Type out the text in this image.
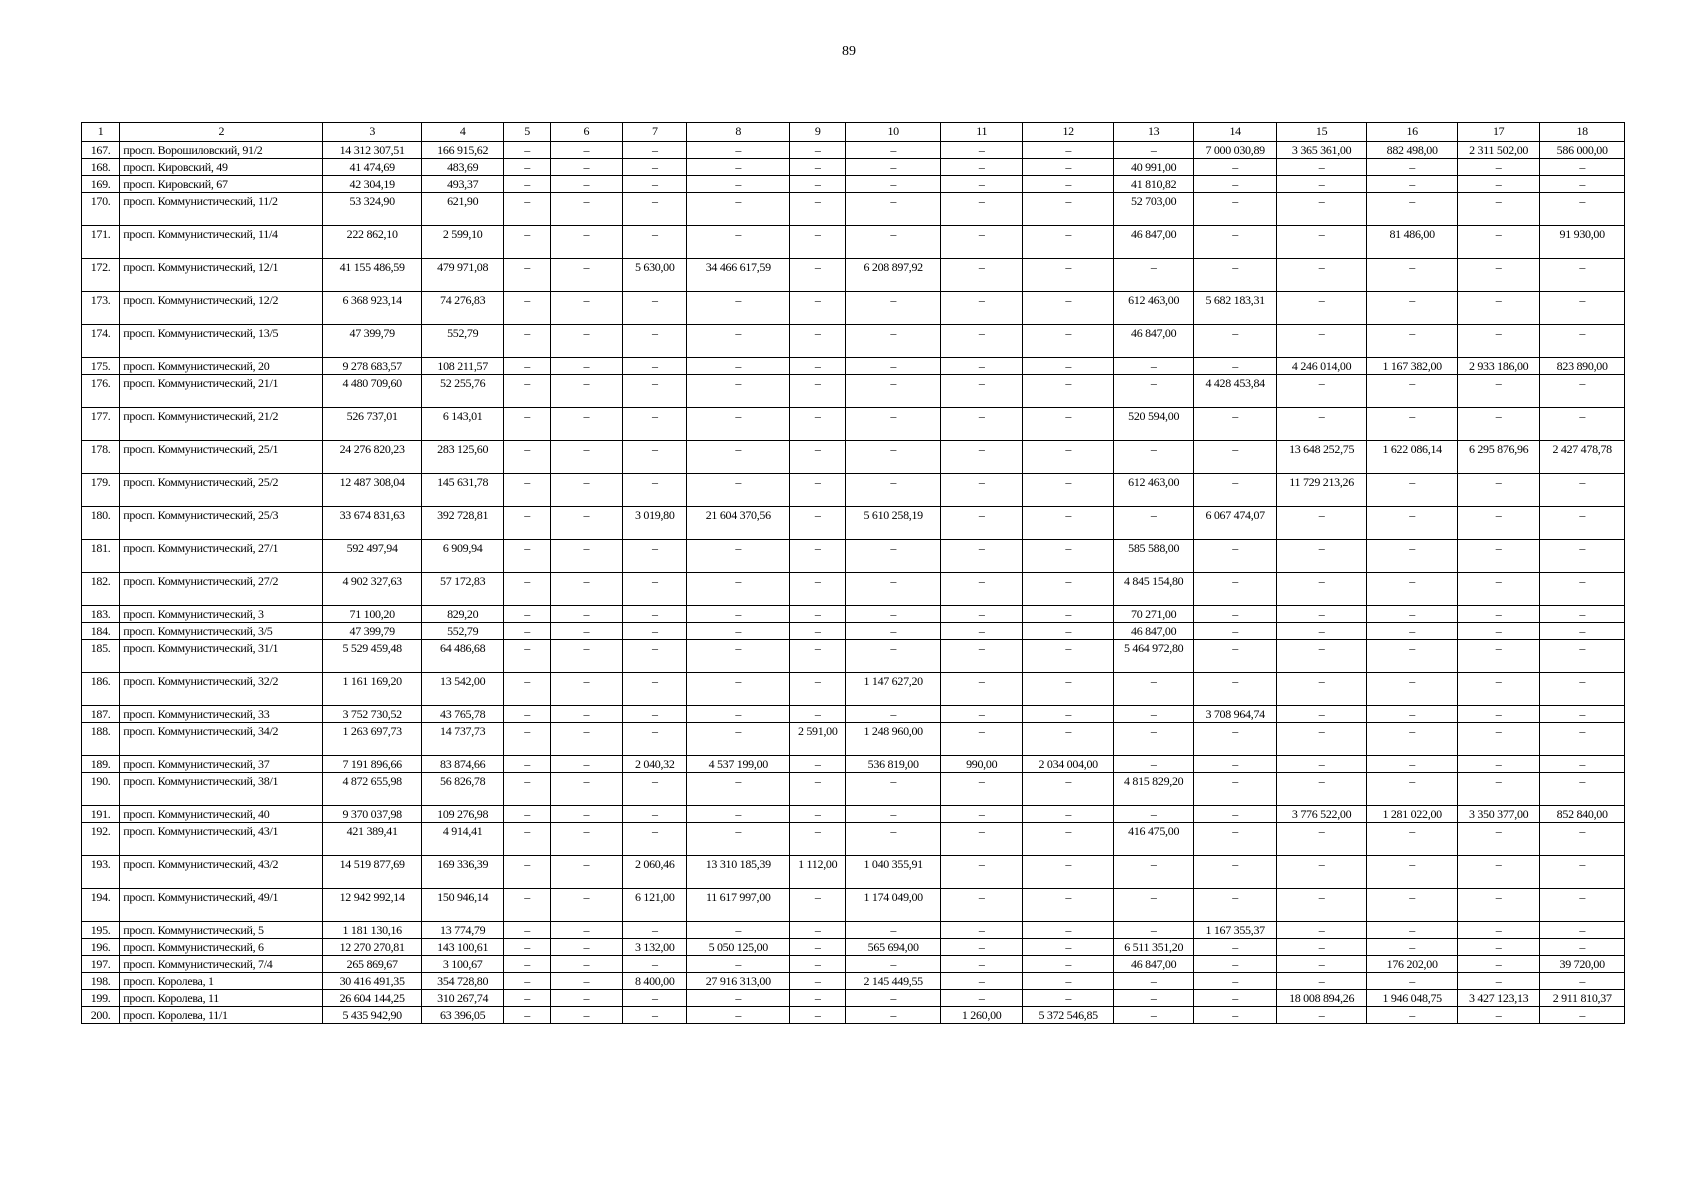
89
1	2	3	4	5	6	7	8	9	10	11	12	13	14	15	16	17	18
167.	просп. Ворошиловский, 91/2	14 312 307,51	166 915,62	–	–	–	–	–	–	–	–	–	7 000 030,89	3 365 361,00	882 498,00	2 311 502,00	586 000,00
168.	просп. Кировский, 49	41 474,69	483,69	–	–	–	–	–	–	–	–	40 991,00	–	–	–	–	–
169.	просп. Кировский, 67	42 304,19	493,37	–	–	–	–	–	–	–	–	41 810,82	–	–	–	–	–
170.	просп. Коммунистический, 11/2	53 324,90	621,90	–	–	–	–	–	–	–	–	52 703,00	–	–	–	–	–
171.	просп. Коммунистический, 11/4	222 862,10	2 599,10	–	–	–	–	–	–	–	–	46 847,00	–	–	81 486,00	–	91 930,00
172.	просп. Коммунистический, 12/1	41 155 486,59	479 971,08	–	–	5 630,00	34 466 617,59	–	6 208 897,92	–	–	–	–	–	–	–	–
173.	просп. Коммунистический, 12/2	6 368 923,14	74 276,83	–	–	–	–	–	–	–	–	612 463,00	5 682 183,31	–	–	–	–
174.	просп. Коммунистический, 13/5	47 399,79	552,79	–	–	–	–	–	–	–	–	46 847,00	–	–	–	–	–
175.	просп. Коммунистический, 20	9 278 683,57	108 211,57	–	–	–	–	–	–	–	–	–	–	4 246 014,00	1 167 382,00	2 933 186,00	823 890,00
176.	просп. Коммунистический, 21/1	4 480 709,60	52 255,76	–	–	–	–	–	–	–	–	–	4 428 453,84	–	–	–	–
177.	просп. Коммунистический, 21/2	526 737,01	6 143,01	–	–	–	–	–	–	–	–	520 594,00	–	–	–	–	–
178.	просп. Коммунистический, 25/1	24 276 820,23	283 125,60	–	–	–	–	–	–	–	–	–	–	13 648 252,75	1 622 086,14	6 295 876,96	2 427 478,78
179.	просп. Коммунистический, 25/2	12 487 308,04	145 631,78	–	–	–	–	–	–	–	–	612 463,00	–	11 729 213,26	–	–	–
180.	просп. Коммунистический, 25/3	33 674 831,63	392 728,81	–	–	3 019,80	21 604 370,56	–	5 610 258,19	–	–	–	6 067 474,07	–	–	–	–
181.	просп. Коммунистический, 27/1	592 497,94	6 909,94	–	–	–	–	–	–	–	–	585 588,00	–	–	–	–	–
182.	просп. Коммунистический, 27/2	4 902 327,63	57 172,83	–	–	–	–	–	–	–	–	4 845 154,80	–	–	–	–	–
183.	просп. Коммунистический, 3	71 100,20	829,20	–	–	–	–	–	–	–	–	70 271,00	–	–	–	–	–
184.	просп. Коммунистический, 3/5	47 399,79	552,79	–	–	–	–	–	–	–	–	46 847,00	–	–	–	–	–
185.	просп. Коммунистический, 31/1	5 529 459,48	64 486,68	–	–	–	–	–	–	–	–	5 464 972,80	–	–	–	–	–
186.	просп. Коммунистический, 32/2	1 161 169,20	13 542,00	–	–	–	–	–	1 147 627,20	–	–	–	–	–	–	–	–
187.	просп. Коммунистический, 33	3 752 730,52	43 765,78	–	–	–	–	–	–	–	–	–	3 708 964,74	–	–	–	–
188.	просп. Коммунистический, 34/2	1 263 697,73	14 737,73	–	–	–	–	2 591,00	1 248 960,00	–	–	–	–	–	–	–	–
189.	просп. Коммунистический, 37	7 191 896,66	83 874,66	–	–	2 040,32	4 537 199,00	–	536 819,00	990,00	2 034 004,00	–	–	–	–	–	–
190.	просп. Коммунистический, 38/1	4 872 655,98	56 826,78	–	–	–	–	–	–	–	–	4 815 829,20	–	–	–	–	–
191.	просп. Коммунистический, 40	9 370 037,98	109 276,98	–	–	–	–	–	–	–	–	–	–	3 776 522,00	1 281 022,00	3 350 377,00	852 840,00
192.	просп. Коммунистический, 43/1	421 389,41	4 914,41	–	–	–	–	–	–	–	–	416 475,00	–	–	–	–	–
193.	просп. Коммунистический, 43/2	14 519 877,69	169 336,39	–	–	2 060,46	13 310 185,39	1 112,00	1 040 355,91	–	–	–	–	–	–	–	–
194.	просп. Коммунистический, 49/1	12 942 992,14	150 946,14	–	–	6 121,00	11 617 997,00	–	1 174 049,00	–	–	–	–	–	–	–	–
195.	просп. Коммунистический, 5	1 181 130,16	13 774,79	–	–	–	–	–	–	–	–	–	1 167 355,37	–	–	–	–
196.	просп. Коммунистический, 6	12 270 270,81	143 100,61	–	–	3 132,00	5 050 125,00	–	565 694,00	–	–	6 511 351,20	–	–	–	–	–
197.	просп. Коммунистический, 7/4	265 869,67	3 100,67	–	–	–	–	–	–	–	–	46 847,00	–	–	176 202,00	–	39 720,00
198.	просп. Королева, 1	30 416 491,35	354 728,80	–	–	8 400,00	27 916 313,00	–	2 145 449,55	–	–	–	–	–	–	–	–
199.	просп. Королева, 11	26 604 144,25	310 267,74	–	–	–	–	–	–	–	–	–	–	18 008 894,26	1 946 048,75	3 427 123,13	2 911 810,37
200.	просп. Королева, 11/1	5 435 942,90	63 396,05	–	–	–	–	–	–	1 260,00	5 372 546,85	–	–	–	–	–	–
